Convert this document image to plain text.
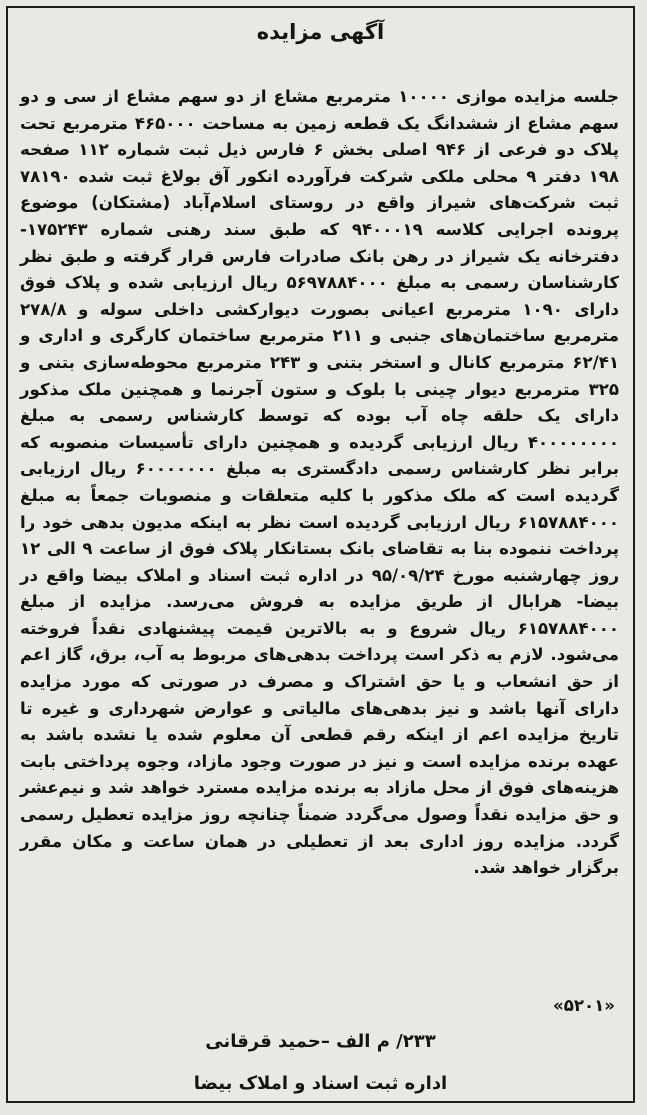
آگهی مزایده
جلسه مزایده موازی ۱۰۰۰۰ مترمربع مشاع از دو سهم مشاع از سی و دو سهم مشاع از ششدانگ یک قطعه زمین به مساحت ۴۶۵۰۰۰ مترمربع تحت پلاک دو فرعی از ۹۴۶ اصلی بخش ۶ فارس ذیل ثبت شماره ۱۱۲ صفحه ۱۹۸ دفتر ۹ محلی ملکی شرکت فرآورده انکور آق بولاغ ثبت شده ۷۸۱۹۰ ثبت شرکت‌های شیراز واقع در روستای اسلام‌آباد (مشتکان) موضوع پرونده اجرایی کلاسه ۹۴۰۰۰۱۹ که طبق سند رهنی شماره ۱۷۵۲۴۳- دفترخانه یک شیراز در رهن بانک صادرات فارس قرار گرفته و طبق نظر کارشناسان رسمی به مبلغ ۵۶۹۷۸۸۴۰۰۰ ریال ارزیابی شده و پلاک فوق دارای ۱۰۹۰ مترمربع اعیانی بصورت دیوارکشی داخلی سوله و ۲۷۸/۸ مترمربع ساختمان‌های جنبی و ۲۱۱ مترمربع ساختمان کارگری و اداری و ۶۲/۴۱ مترمربع کانال و استخر بتنی و ۲۴۳ مترمربع محوطه‌سازی بتنی و ۳۲۵ مترمربع دیوار چینی با بلوک و ستون آجرنما و همچنین ملک مذکور دارای یک حلقه چاه آب بوده که توسط کارشناس رسمی به مبلغ ۴۰۰۰۰۰۰۰۰ ریال ارزیابی گردیده و همچنین دارای تأسیسات منصوبه که برابر نظر کارشناس رسمی دادگستری به مبلغ ۶۰۰۰۰۰۰۰ ریال ارزیابی گردیده است که ملک مذکور با کلیه متعلقات و منصوبات جمعاً به مبلغ ۶۱۵۷۸۸۴۰۰۰ ریال ارزیابی گردیده است نظر به اینکه مدیون بدهی خود را پرداخت ننموده بنا به تقاضای بانک بستانکار پلاک فوق از ساعت ۹ الی ۱۲ روز چهارشنبه مورخ ۹۵/۰۹/۲۴ در اداره ثبت اسناد و املاک بیضا واقع در بیضا- هرابال از طریق مزایده به فروش می‌رسد. مزایده از مبلغ ۶۱۵۷۸۸۴۰۰۰ ریال شروع و به بالاترین قیمت پیشنهادی نقداً فروخته می‌شود. لازم به ذکر است پرداخت بدهی‌های مربوط به آب، برق، گاز اعم از حق انشعاب و یا حق اشتراک و مصرف در صورتی که مورد مزایده دارای آنها باشد و نیز بدهی‌های مالیاتی و عوارض شهرداری و غیره تا تاریخ مزایده اعم از اینکه رقم قطعی آن معلوم شده یا نشده باشد به عهده برنده مزایده است و نیز در صورت وجود مازاد، وجوه پرداختی بابت هزینه‌های فوق از محل مازاد به برنده مزایده مسترد خواهد شد و نیم‌عشر و حق مزایده نقداً وصول می‌گردد ضمناً چنانچه روز مزایده تعطیل رسمی گردد. مزایده روز اداری بعد از تعطیلی در همان ساعت و مکان مقرر برگزار خواهد شد.
«۵۲۰۱»
۲۳۳/ م الف –حمید قرقانی
اداره ثبت اسناد و املاک بیضا
